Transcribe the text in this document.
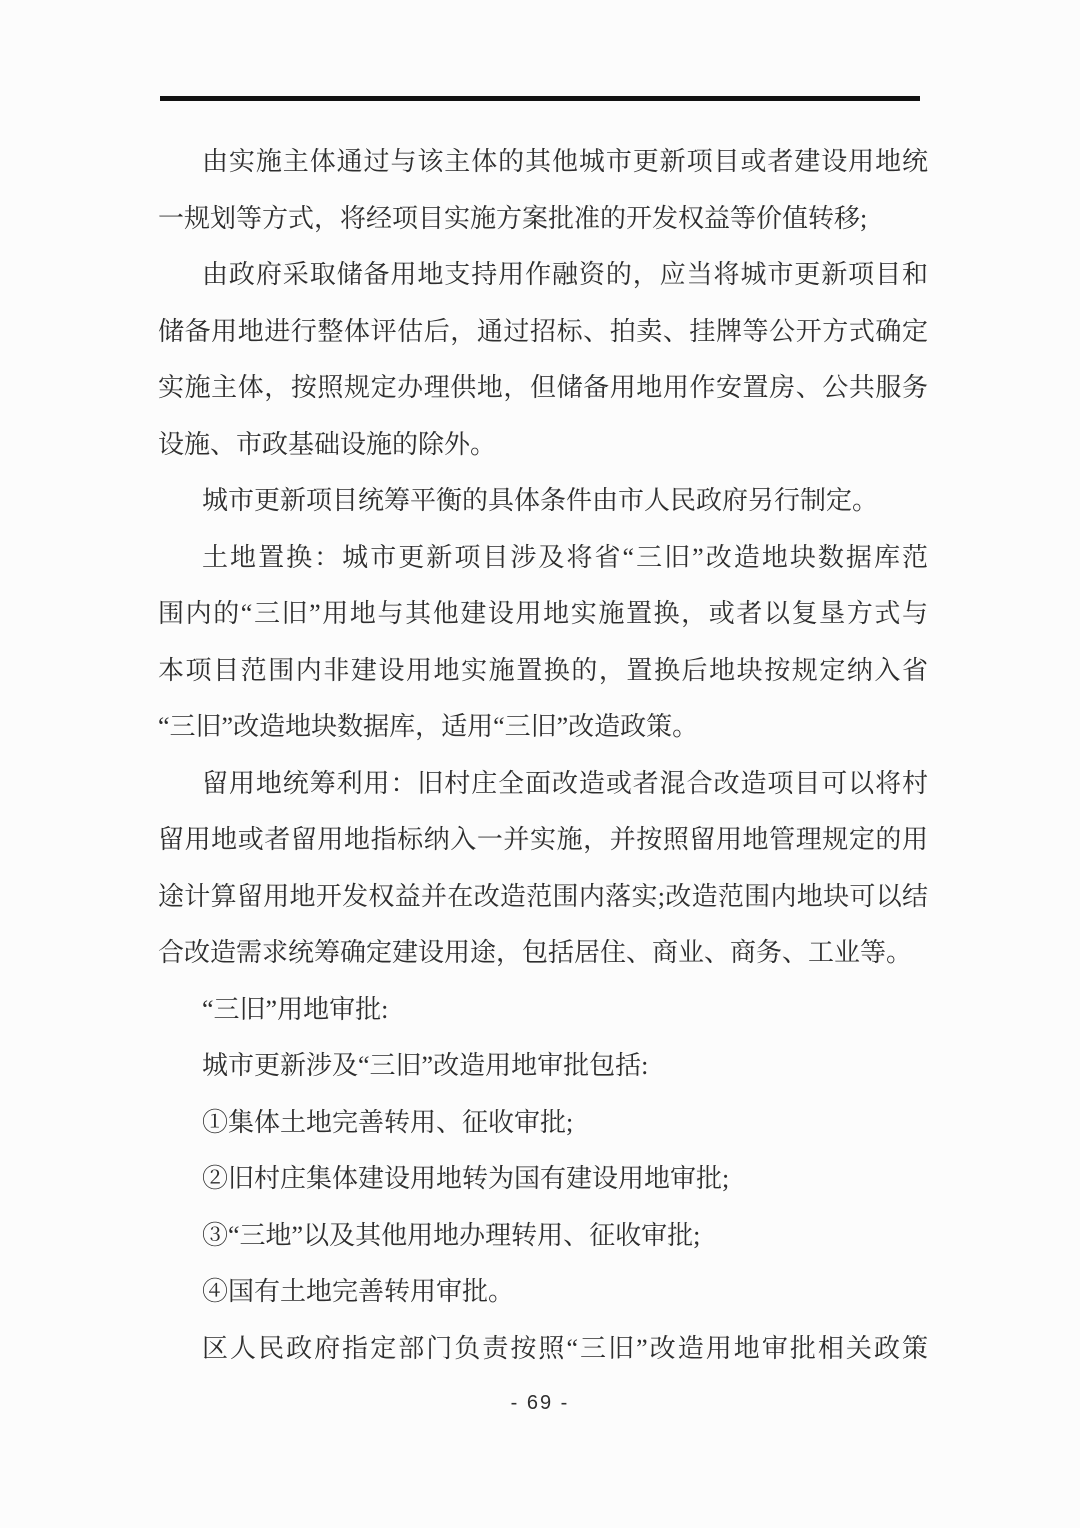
由实施主体通过与该主体的其他城市更新项目或者建设用地统
一规划等方式，将经项目实施方案批准的开发权益等价值转移;
由政府采取储备用地支持用作融资的，应当将城市更新项目和
储备用地进行整体评估后，通过招标、拍卖、挂牌等公开方式确定
实施主体，按照规定办理供地，但储备用地用作安置房、公共服务
设施、市政基础设施的除外。
城市更新项目统筹平衡的具体条件由市人民政府另行制定。
土地置换：城市更新项目涉及将省“三旧”改造地块数据库范
围内的“三旧”用地与其他建设用地实施置换，或者以复垦方式与
本项目范围内非建设用地实施置换的，置换后地块按规定纳入省
“三旧”改造地块数据库，适用“三旧”改造政策。
留用地统筹利用：旧村庄全面改造或者混合改造项目可以将村
留用地或者留用地指标纳入一并实施，并按照留用地管理规定的用
途计算留用地开发权益并在改造范围内落实;改造范围内地块可以结
合改造需求统筹确定建设用途，包括居住、商业、商务、工业等。
“三旧”用地审批:
城市更新涉及“三旧”改造用地审批包括:
①集体土地完善转用、征收审批;
②旧村庄集体建设用地转为国有建设用地审批;
③“三地”以及其他用地办理转用、征收审批;
④国有土地完善转用审批。
区人民政府指定部门负责按照“三旧”改造用地审批相关政策
- 69 -
